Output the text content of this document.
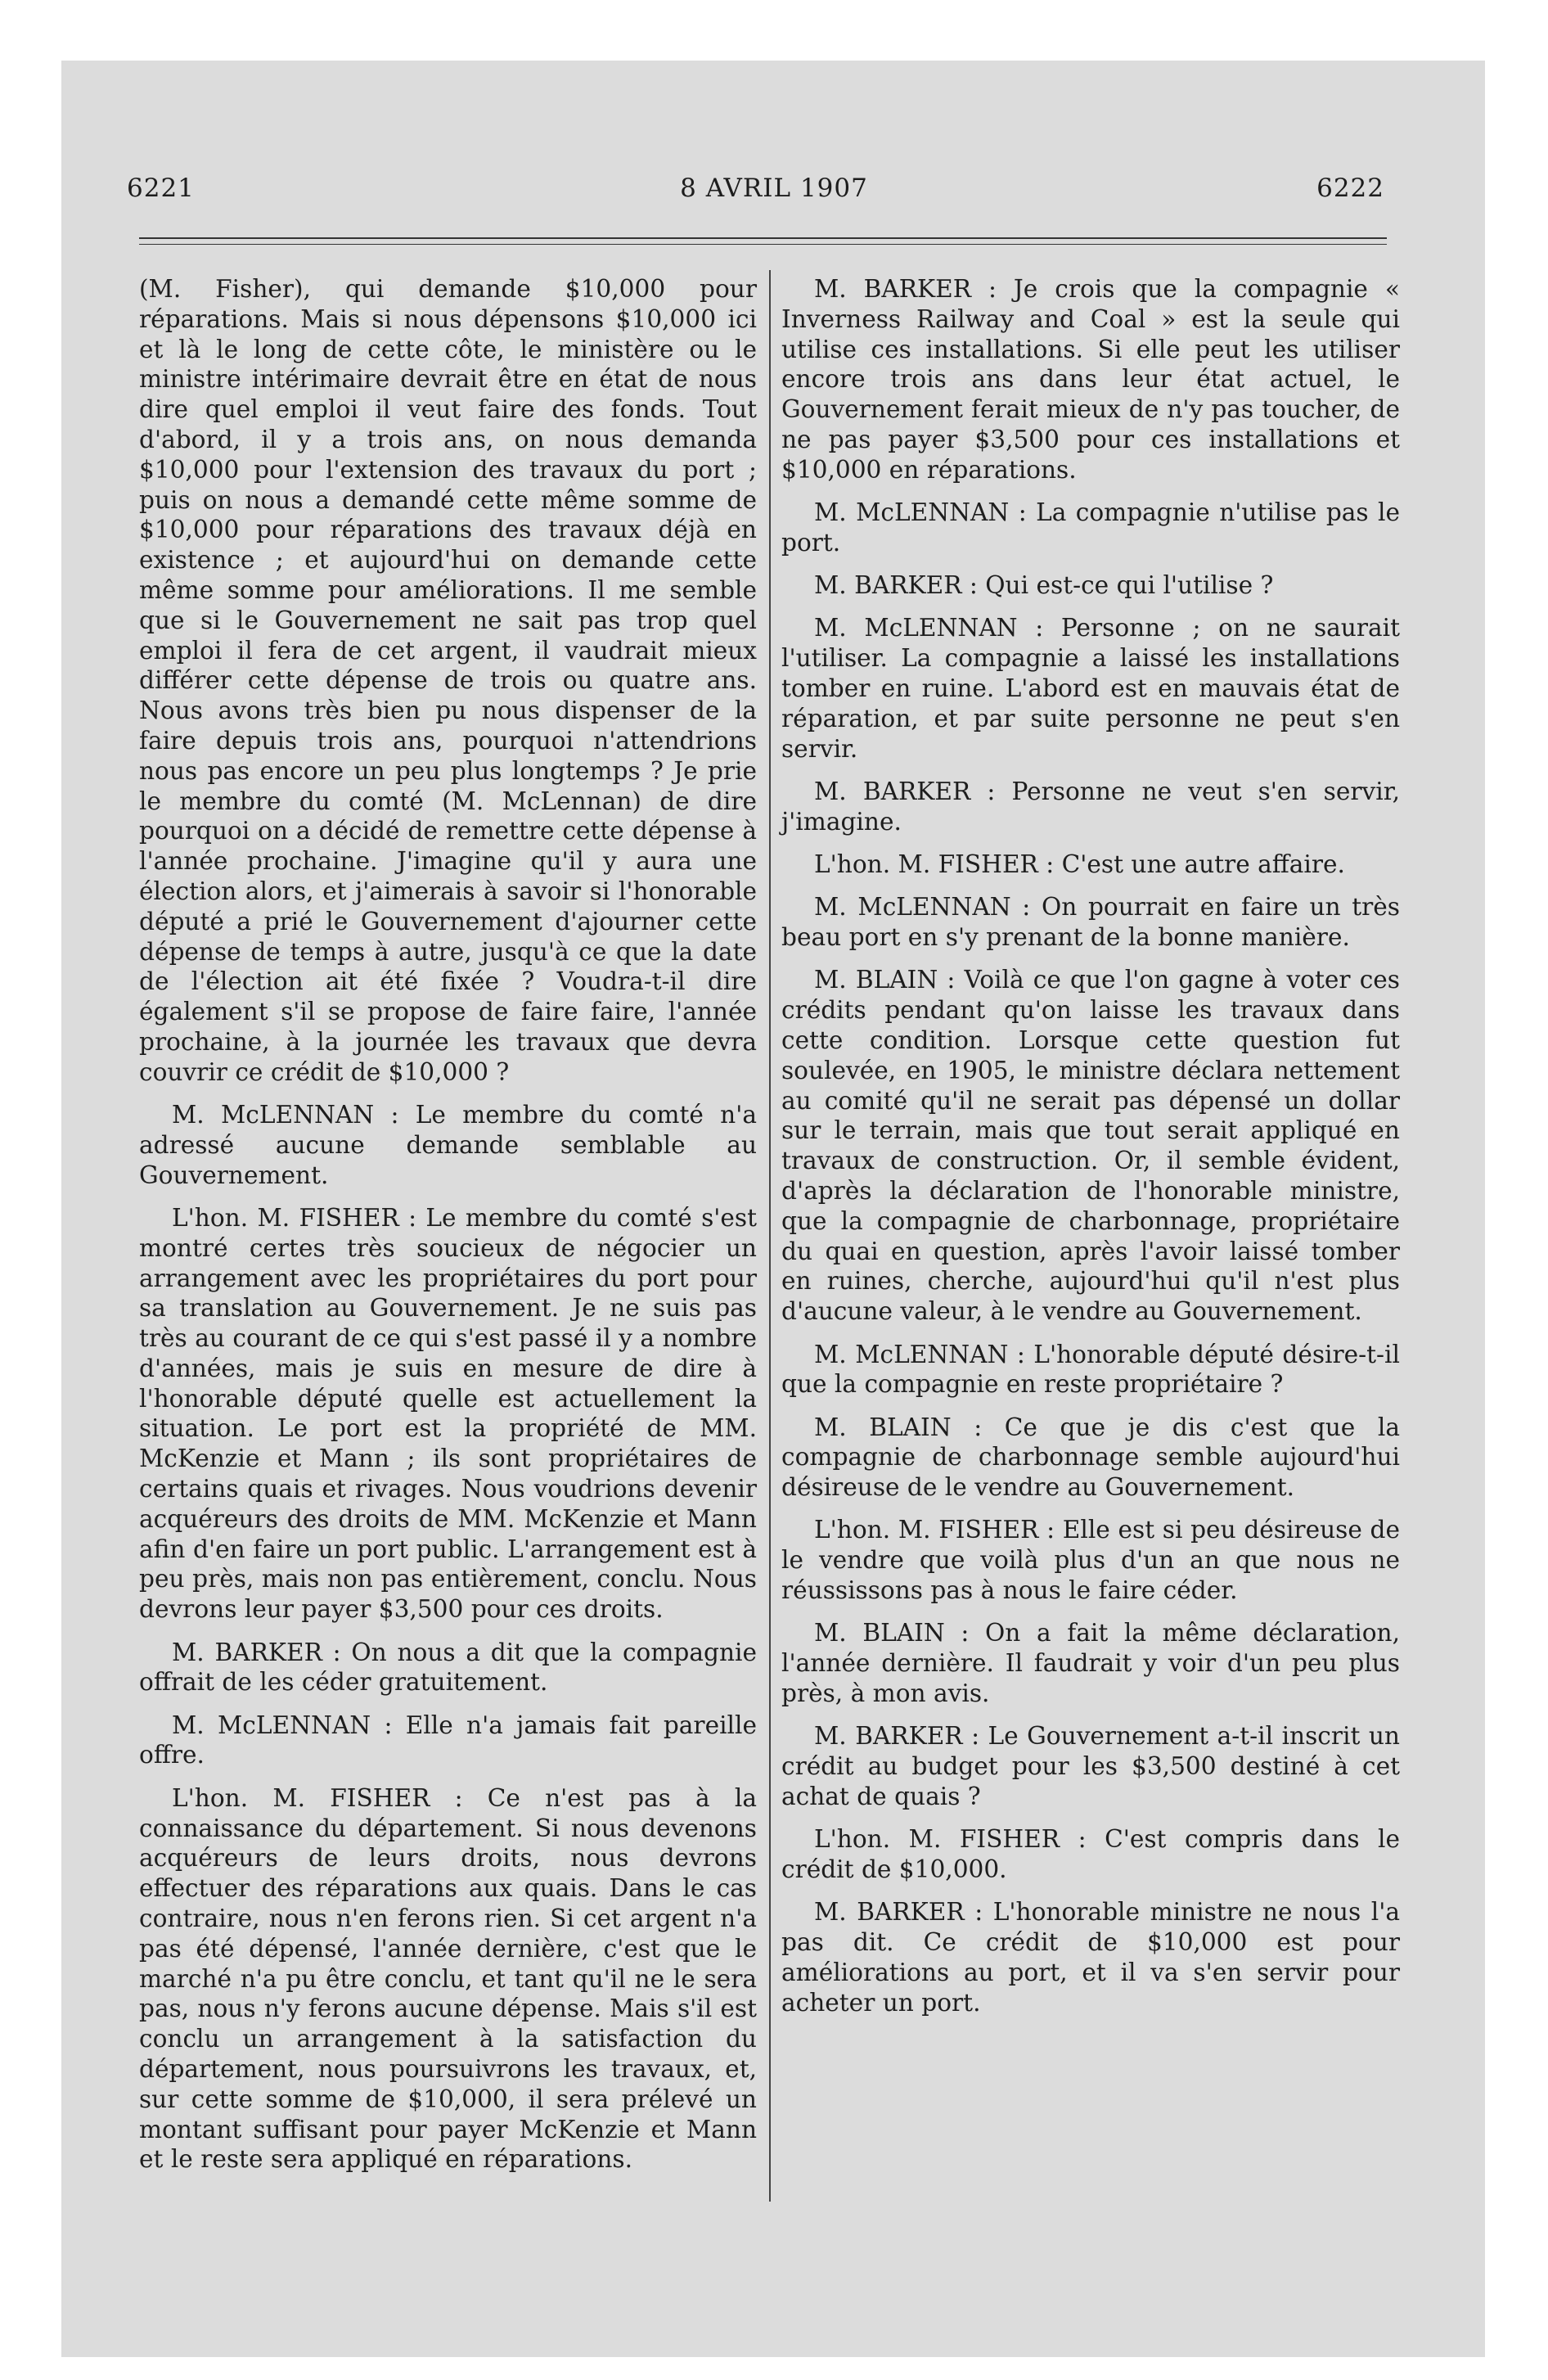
6221	8 AVRIL 1907	6222

(M. Fisher), qui demande $10,000 pour réparations. Mais si nous dépensons $10,000 ici et là le long de cette côte, le ministère ou le ministre intérimaire devrait être en état de nous dire quel emploi il veut faire des fonds. Tout d'abord, il y a trois ans, on nous demanda $10,000 pour l'extension des travaux du port ; puis on nous a demandé cette même somme de $10,000 pour réparations des travaux déjà en existence ; et aujourd'hui on demande cette même somme pour améliorations. Il me semble que si le Gouvernement ne sait pas trop quel emploi il fera de cet argent, il vaudrait mieux différer cette dépense de trois ou quatre ans. Nous avons très bien pu nous dispenser de la faire depuis trois ans, pourquoi n'attendrions nous pas encore un peu plus longtemps ? Je prie le membre du comté (M. McLennan) de dire pourquoi on a décidé de remettre cette dépense à l'année prochaine. J'imagine qu'il y aura une élection alors, et j'aimerais à savoir si l'honorable député a prié le Gouvernement d'ajourner cette dépense de temps à autre, jusqu'à ce que la date de l'élection ait été fixée ? Voudra-t-il dire également s'il se propose de faire faire, l'année prochaine, à la journée les travaux que devra couvrir ce crédit de $10,000 ?

M. McLENNAN : Le membre du comté n'a adressé aucune demande semblable au Gouvernement.

L'hon. M. FISHER : Le membre du comté s'est montré certes très soucieux de négocier un arrangement avec les propriétaires du port pour sa translation au Gouvernement. Je ne suis pas très au courant de ce qui s'est passé il y a nombre d'années, mais je suis en mesure de dire à l'honorable député quelle est actuellement la situation. Le port est la propriété de MM. McKenzie et Mann ; ils sont propriétaires de certains quais et rivages. Nous voudrions devenir acquéreurs des droits de MM. McKenzie et Mann afin d'en faire un port public. L'arrangement est à peu près, mais non pas entièrement, conclu. Nous devrons leur payer $3,500 pour ces droits.

M. BARKER : On nous a dit que la compagnie offrait de les céder gratuitement.

M. McLENNAN : Elle n'a jamais fait pareille offre.

L'hon. M. FISHER : Ce n'est pas à la connaissance du département. Si nous devenons acquéreurs de leurs droits, nous devrons effectuer des réparations aux quais. Dans le cas contraire, nous n'en ferons rien. Si cet argent n'a pas été dépensé, l'année dernière, c'est que le marché n'a pu être conclu, et tant qu'il ne le sera pas, nous n'y ferons aucune dépense. Mais s'il est conclu un arrangement à la satisfaction du département, nous poursuivrons les travaux, et, sur cette somme de $10,000, il sera prélevé un montant suffisant pour payer McKenzie et Mann et le reste sera appliqué en réparations.

M. BARKER : Je crois que la compagnie « Inverness Railway and Coal » est la seule qui utilise ces installations. Si elle peut les utiliser encore trois ans dans leur état actuel, le Gouvernement ferait mieux de n'y pas toucher, de ne pas payer $3,500 pour ces installations et $10,000 en réparations.

M. McLENNAN : La compagnie n'utilise pas le port.

M. BARKER : Qui est-ce qui l'utilise ?

M. McLENNAN : Personne ; on ne saurait l'utiliser. La compagnie a laissé les installations tomber en ruine. L'abord est en mauvais état de réparation, et par suite personne ne peut s'en servir.

M. BARKER : Personne ne veut s'en servir, j'imagine.

L'hon. M. FISHER : C'est une autre affaire.

M. McLENNAN : On pourrait en faire un très beau port en s'y prenant de la bonne manière.

M. BLAIN : Voilà ce que l'on gagne à voter ces crédits pendant qu'on laisse les travaux dans cette condition. Lorsque cette question fut soulevée, en 1905, le ministre déclara nettement au comité qu'il ne serait pas dépensé un dollar sur le terrain, mais que tout serait appliqué en travaux de construction. Or, il semble évident, d'après la déclaration de l'honorable ministre, que la compagnie de charbonnage, propriétaire du quai en question, après l'avoir laissé tomber en ruines, cherche, aujourd'hui qu'il n'est plus d'aucune valeur, à le vendre au Gouvernement.

M. McLENNAN : L'honorable député désire-t-il que la compagnie en reste propriétaire ?

M. BLAIN : Ce que je dis c'est que la compagnie de charbonnage semble aujourd'hui désireuse de le vendre au Gouvernement.

L'hon. M. FISHER : Elle est si peu désireuse de le vendre que voilà plus d'un an que nous ne réussissons pas à nous le faire céder.

M. BLAIN : On a fait la même déclaration, l'année dernière. Il faudrait y voir d'un peu plus près, à mon avis.

M. BARKER : Le Gouvernement a-t-il inscrit un crédit au budget pour les $3,500 destiné à cet achat de quais ?

L'hon. M. FISHER : C'est compris dans le crédit de $10,000.

M. BARKER : L'honorable ministre ne nous l'a pas dit. Ce crédit de $10,000 est pour améliorations au port, et il va s'en servir pour acheter un port.
